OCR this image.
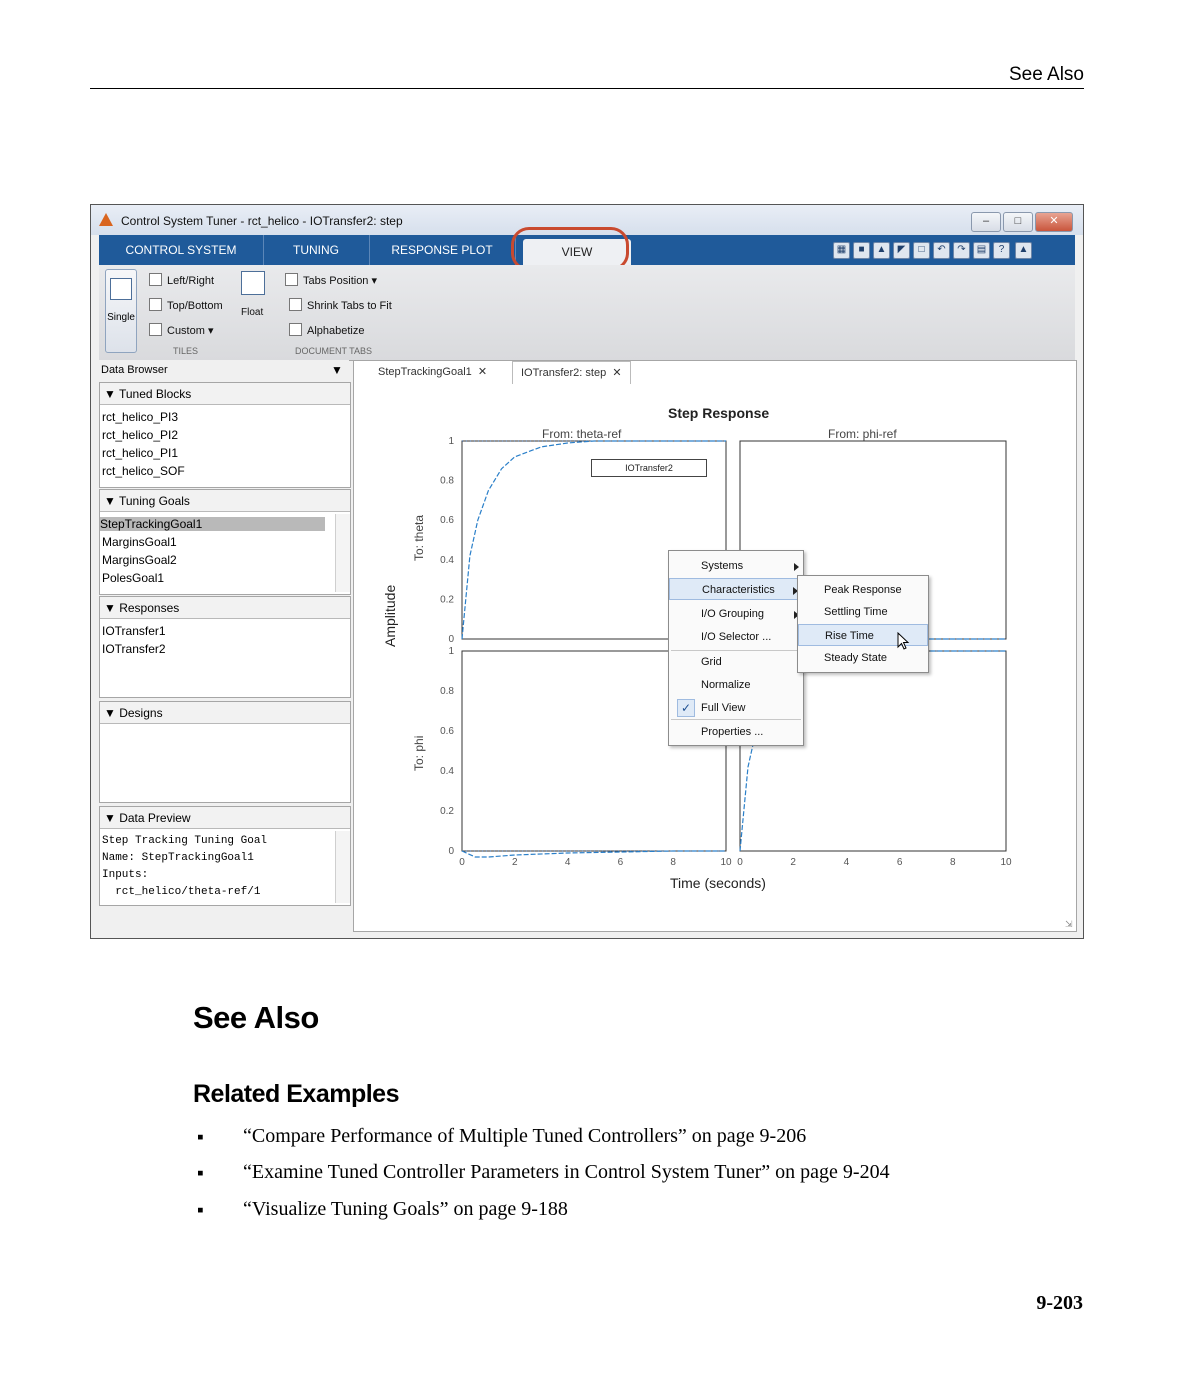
See Also
Control System Tuner - rct_helico - IOTransfer2: step	–	□	✕
CONTROL SYSTEM	TUNING	RESPONSE PLOT	VIEW	▦	■	▲	◤	□	↶	↷	▤	?	▲
Single
Left/Right
Top/Bottom
Custom ▾
Float
TILES
Tabs Position ▾
Shrink Tabs to Fit
Alphabetize
DOCUMENT TABS
Data Browser	▼
▼ Tuned Blocks
rct_helico_PI3
rct_helico_PI2
rct_helico_PI1
rct_helico_SOF
▼ Tuning Goals
StepTrackingGoal1
MarginsGoal1
MarginsGoal2
PolesGoal1
▼ Responses
IOTransfer1
IOTransfer2
▼ Designs
▼ Data Preview
Step Tracking Tuning Goal
Name: StepTrackingGoal1
Inputs:
rct_helico/theta-ref/1
StepTrackingGoal1 ✕	IOTransfer2: step ✕
Step Response
From: theta-ref	From: phi-ref
Amplitude
To: theta
To: phi
Time (seconds)
0
0.2
0.4
0.6
0.8
1
0
0.2
0.4
0.6
0.8
1
0	2	4	6	8	10 0	2	4	6	8	10
IOTransfer2
Systems
Characteristics
I/O Grouping
I/O Selector ...
Grid
Normalize
✓ Full View
Properties ...
Peak Response
Settling Time
Rise Time
Steady State
⇲
See Also
Related Examples
▪ “Compare Performance of Multiple Tuned Controllers” on page 9-206
▪ “Examine Tuned Controller Parameters in Control System Tuner” on page 9-204
▪ “Visualize Tuning Goals” on page 9-188
9-203
